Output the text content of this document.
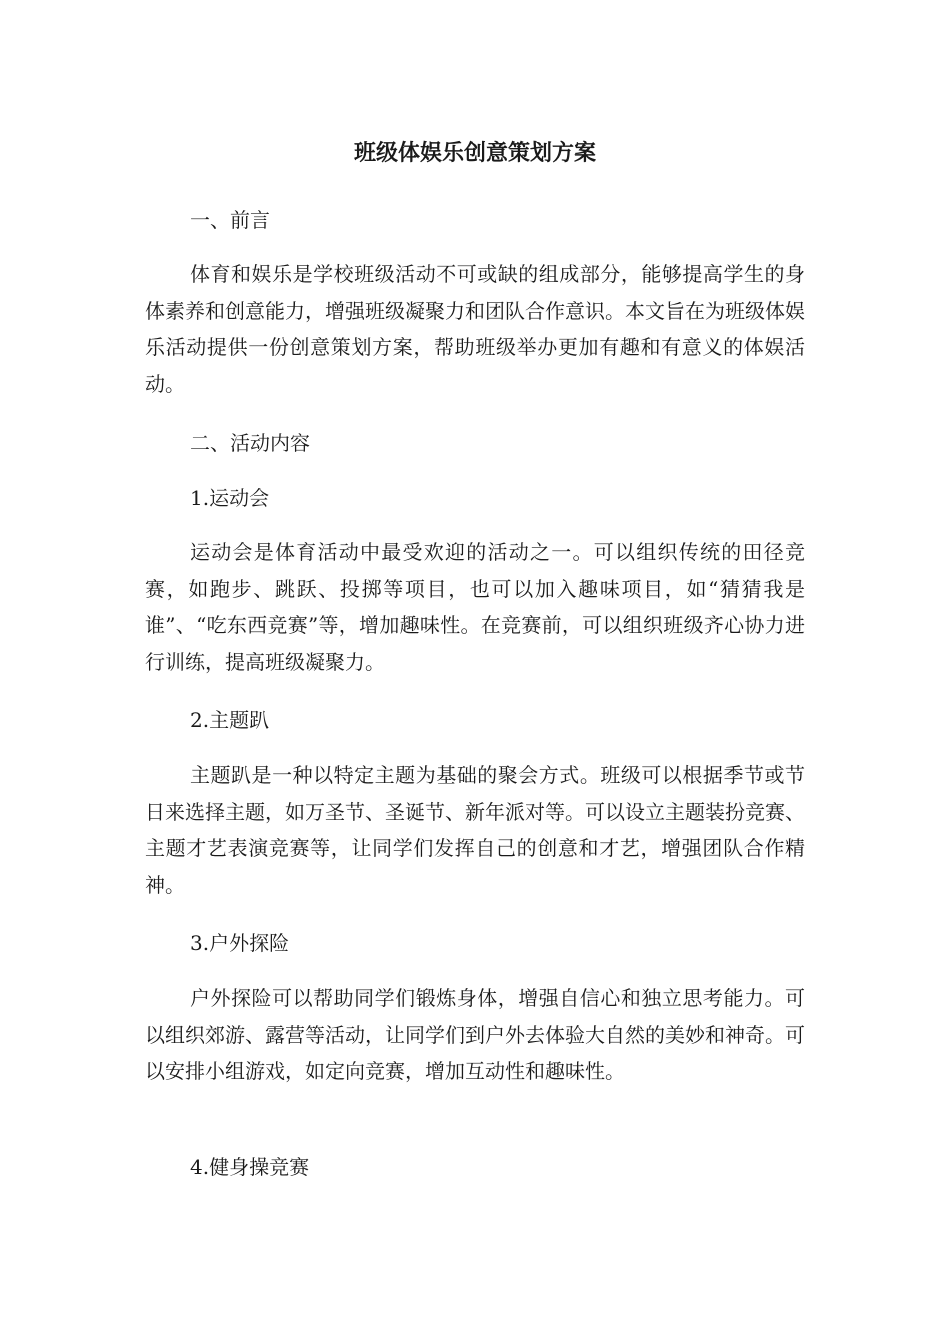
班级体娱乐创意策划方案

一、前言

体育和娱乐是学校班级活动不可或缺的组成部分，能够提高学生的身体素养和创意能力，增强班级凝聚力和团队合作意识。本文旨在为班级体娱乐活动提供一份创意策划方案，帮助班级举办更加有趣和有意义的体娱活动。

二、活动内容

1.运动会

运动会是体育活动中最受欢迎的活动之一。可以组织传统的田径竞赛，如跑步、跳跃、投掷等项目，也可以加入趣味项目，如“猜猜我是谁”、“吃东西竞赛”等，增加趣味性。在竞赛前，可以组织班级齐心协力进行训练，提高班级凝聚力。

2.主题趴

主题趴是一种以特定主题为基础的聚会方式。班级可以根据季节或节日来选择主题，如万圣节、圣诞节、新年派对等。可以设立主题装扮竞赛、主题才艺表演竞赛等，让同学们发挥自己的创意和才艺，增强团队合作精神。

3.户外探险

户外探险可以帮助同学们锻炼身体，增强自信心和独立思考能力。可以组织郊游、露营等活动，让同学们到户外去体验大自然的美妙和神奇。可以安排小组游戏，如定向竞赛，增加互动性和趣味性。

4.健身操竞赛
